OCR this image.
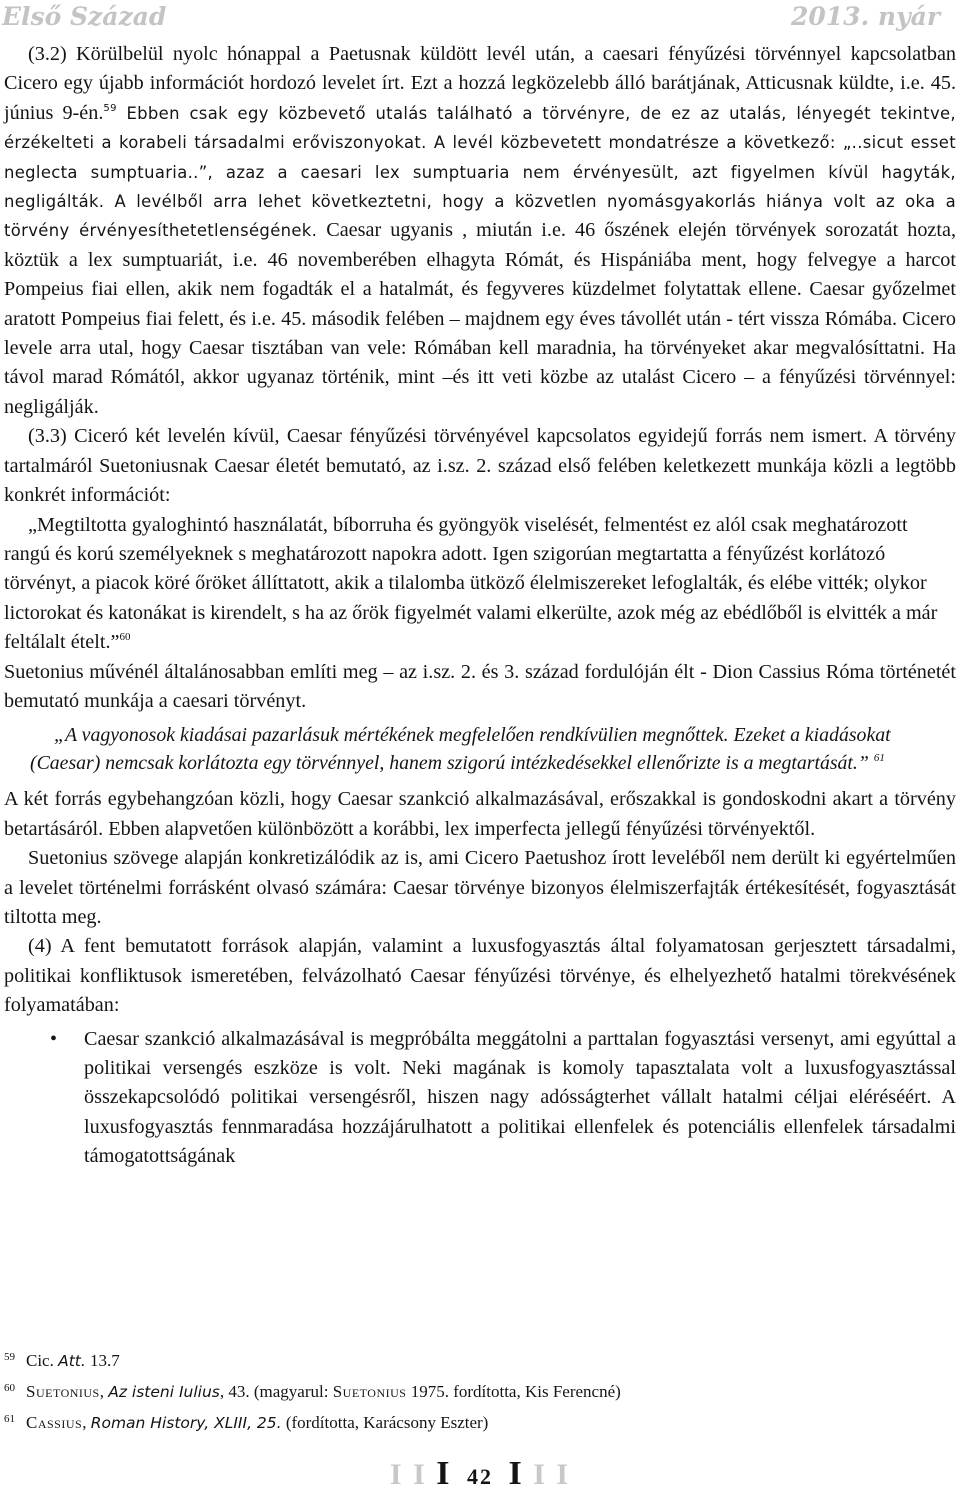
Első Század	2013. nyár

(3.2) Körülbelül nyolc hónappal a Paetusnak küldött levél után, a caesari fényűzési törvénnyel kapcsolatban Cicero egy újabb információt hordozó levelet írt. Ezt a hozzá legközelebb álló barátjának, Atticusnak küldte, i.e. 45. június 9-én.$^{59}$ Ebben csak egy közbevető utalás található a törvényre, de ez az utalás, lényegét tekintve, érzékelteti a korabeli társadalmi erőviszonyokat. A levél közbevetett mondatrésze a következő: „..sicut esset neglecta sumptuaria..”, azaz a caesari lex sumptuaria nem érvényesült, azt figyelmen kívül hagyták, negligálták. A levélből arra lehet következtetni, hogy a közvetlen nyomásgyakorlás hiánya volt az oka a törvény érvényesíthetetlenségének. Caesar ugyanis , miután i.e. 46 őszének elején törvények sorozatát hozta, köztük a lex sumptuariát, i.e. 46 novemberében elhagyta Rómát, és Hispániába ment, hogy felvegye a harcot Pompeius fiai ellen, akik nem fogadták el a hatalmát, és fegyveres küzdelmet folytattak ellene. Caesar győzelmet aratott Pompeius fiai felett, és i.e. 45. második felében – majdnem egy éves távollét után - tért vissza Rómába. Cicero levele arra utal, hogy Caesar tisztában van vele: Rómában kell maradnia, ha törvényeket akar megvalósíttatni. Ha távol marad Rómától, akkor ugyanaz történik, mint –és itt veti közbe az utalást Cicero – a fényűzési törvénnyel: negligálják.

(3.3) Ciceró két levelén kívül, Caesar fényűzési törvényével kapcsolatos egyidejű forrás nem ismert. A törvény tartalmáról Suetoniusnak Caesar életét bemutató, az i.sz. 2. század első felében keletkezett munkája közli a legtöbb konkrét információt:

„Megtiltotta gyaloghintó használatát, bíborruha és gyöngyök viselését, felmentést ez alól csak meghatározott rangú és korú személyeknek s meghatározott napokra adott. Igen szigorúan megtartatta a fényűzést korlátozó törvényt, a piacok köré őröket állíttatott, akik a tilalomba ütköző élelmiszereket lefoglalták, és elébe vitték; olykor lictorokat és katonákat is kirendelt, s ha az őrök figyelmét valami elkerülte, azok még az ebédlőből is elvitték a már feltálalt ételt.”$^{60}$

Suetonius művénél általánosabban említi meg – az i.sz. 2. és 3. század fordulóján élt - Dion Cassius Róma történetét bemutató munkája a caesari törvényt.

„A vagyonosok kiadásai pazarlásuk mértékének megfelelően rendkívülien megnőttek. Ezeket a kiadásokat (Caesar) nemcsak korlátozta egy törvénnyel, hanem szigorú intézkedésekkel ellenőrizte is a megtartását.” $^{61}$

A két forrás egybehangzóan közli, hogy Caesar szankció alkalmazásával, erőszakkal is gondoskodni akart a törvény betartásáról. Ebben alapvetően különbözött a korábbi, lex imperfecta jellegű fényűzési törvényektől.

Suetonius szövege alapján konkretizálódik az is, ami Cicero Paetushoz írott leveléből nem derült ki egyértelműen a levelet történelmi forrásként olvasó számára: Caesar törvénye bizonyos élelmiszerfajták értékesítését, fogyasztását tiltotta meg.

(4) A fent bemutatott források alapján, valamint a luxusfogyasztás által folyamatosan gerjesztett társadalmi, politikai konfliktusok ismeretében, felvázolható Caesar fényűzési törvénye, és elhelyezhető hatalmi törekvésének folyamatában:

• Caesar szankció alkalmazásával is megpróbálta meggátolni a parttalan fogyasztási versenyt, ami egyúttal a politikai versengés eszköze is volt. Neki magának is komoly tapasztalata volt a luxusfogyasztással összekapcsolódó politikai versengésről, hiszen nagy adósságterhet vállalt hatalmi céljai eléréséért. A luxusfogyasztás fennmaradása hozzájárulhatott a politikai ellenfelek és potenciális ellenfelek társadalmi támogatottságának
59 Cic. Att. 13.7
60 Suetonius, Az isteni Iulius, 43. (magyarul: Suetonius 1975. fordította, Kis Ferencné)
61 Cassius, Roman History, XLIII, 25. (fordította, Karácsony Eszter)
I I I 42 I I I
